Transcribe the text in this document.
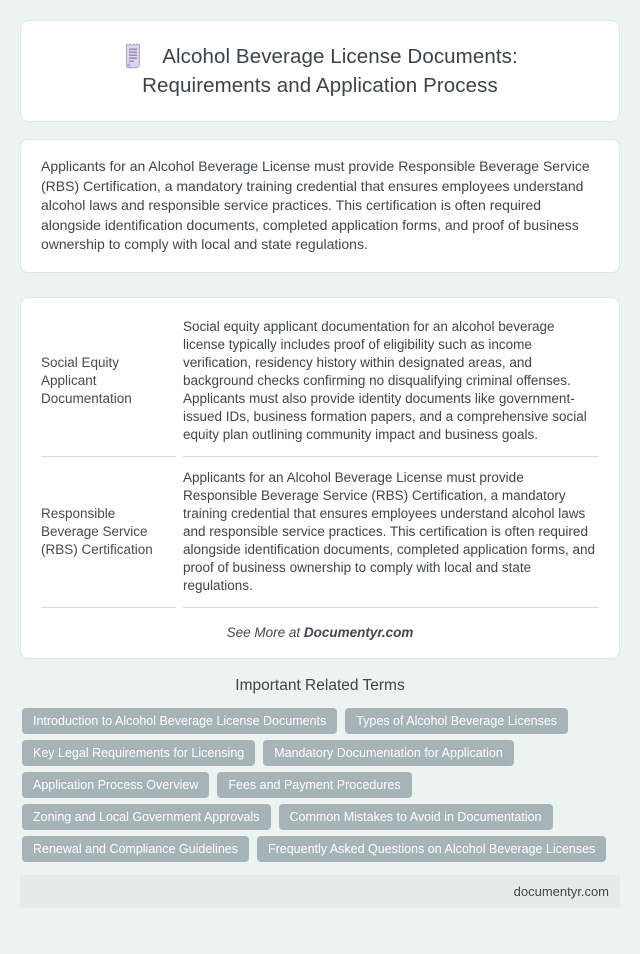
Alcohol Beverage License Documents:
Requirements and Application Process

Applicants for an Alcohol Beverage License must provide Responsible Beverage Service (RBS) Certification, a mandatory training credential that ensures employees understand alcohol laws and responsible service practices. This certification is often required alongside identification documents, completed application forms, and proof of business ownership to comply with local and state regulations.

Social Equity Applicant Documentation	Social equity applicant documentation for an alcohol beverage license typically includes proof of eligibility such as income verification, residency history within designated areas, and background checks confirming no disqualifying criminal offenses. Applicants must also provide identity documents like government-issued IDs, business formation papers, and a comprehensive social equity plan outlining community impact and business goals.
Responsible Beverage Service (RBS) Certification	Applicants for an Alcohol Beverage License must provide Responsible Beverage Service (RBS) Certification, a mandatory training credential that ensures employees understand alcohol laws and responsible service practices. This certification is often required alongside identification documents, completed application forms, and proof of business ownership to comply with local and state regulations.

See More at Documentyr.com

Important Related Terms
Introduction to Alcohol Beverage License Documents	Types of Alcohol Beverage Licenses
Key Legal Requirements for Licensing	Mandatory Documentation for Application
Application Process Overview	Fees and Payment Procedures
Zoning and Local Government Approvals	Common Mistakes to Avoid in Documentation
Renewal and Compliance Guidelines	Frequently Asked Questions on Alcohol Beverage Licenses
documentyr.com
